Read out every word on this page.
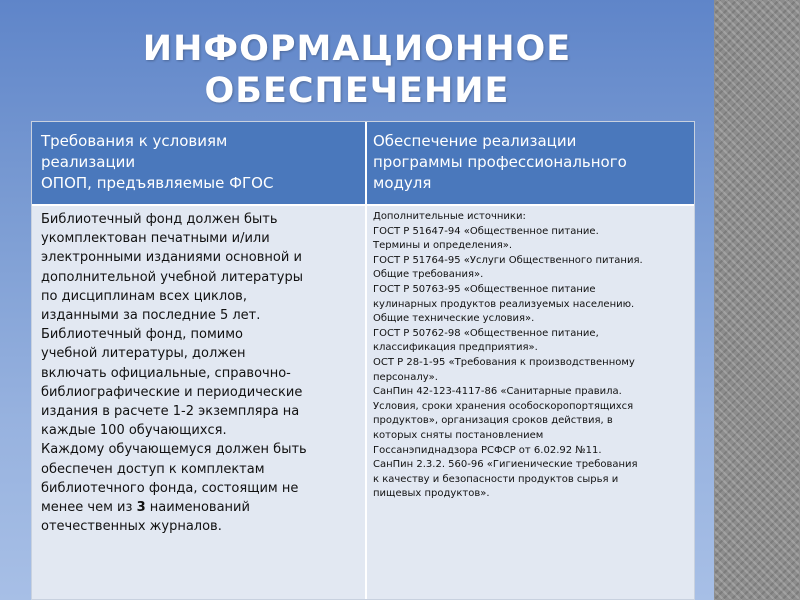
ИНФОРМАЦИОННОЕ
ОБЕСПЕЧЕНИЕ
Требования к условиям
реализации
ОПОП, предъявляемые ФГОС
Обеспечение реализации
программы профессионального
модуля
Библиотечный фонд должен быть
укомплектован печатными и/или
электронными изданиями основной и
дополнительной учебной литературы
по дисциплинам всех циклов,
изданными за последние 5 лет.
Библиотечный фонд, помимо
учебной литературы, должен
включать официальные, справочно-
библиографические и периодические
издания в расчете 1-2 экземпляра на
каждые 100 обучающихся.
Каждому обучающемуся должен быть
обеспечен доступ к комплектам
библиотечного фонда, состоящим не
менее чем из 3 наименований
отечественных журналов.
Дополнительные источники:
ГОСТ Р 51647-94 «Общественное питание.
Термины и определения».
ГОСТ Р 51764-95 «Услуги Общественного питания.
Общие требования».
ГОСТ Р 50763-95 «Общественное питание
кулинарных продуктов реализуемых населению.
Общие технические условия».
ГОСТ Р 50762-98 «Общественное питание,
классификация предприятия».
ОСТ Р 28-1-95 «Требования к производственному
персоналу».
СанПин 42-123-4117-86 «Санитарные правила.
Условия, сроки хранения особоскоропортящихся
продуктов», организация сроков действия, в
которых сняты постановлением
Госсанэпиднадзора РСФСР от 6.02.92 №11.
СанПин 2.3.2. 560-96 «Гигиенические требования
к качеству и безопасности продуктов сырья и
пищевых продуктов».
